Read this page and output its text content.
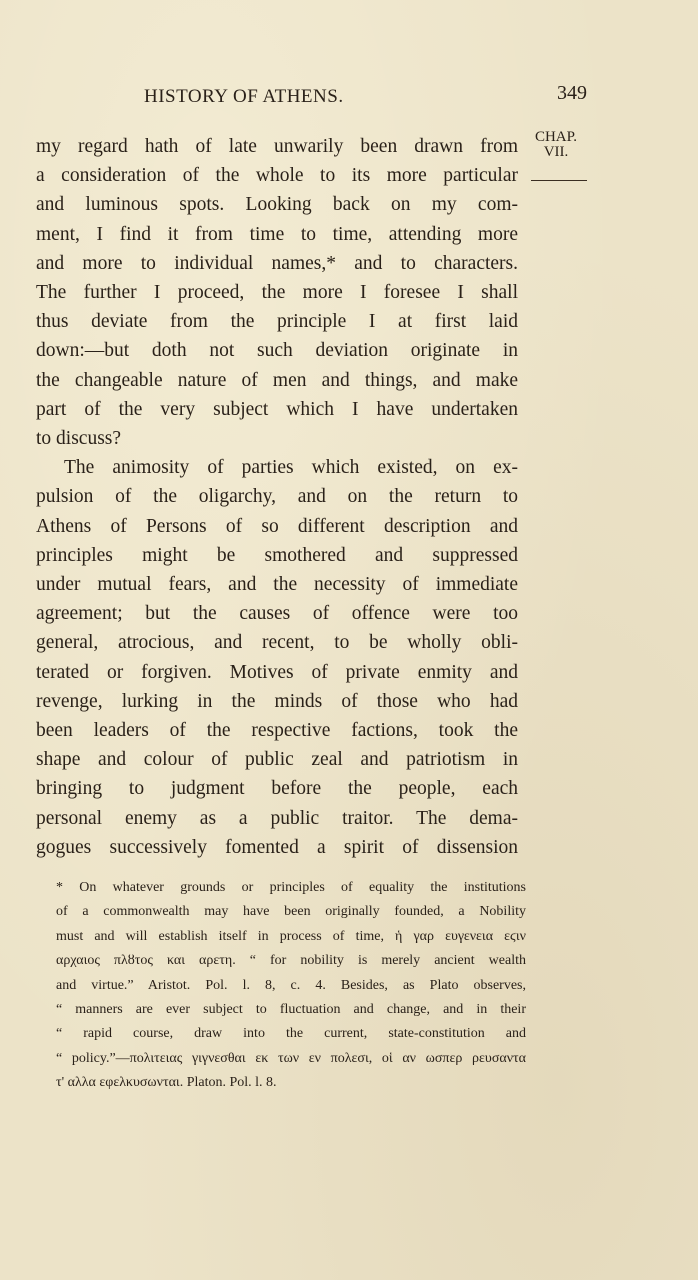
HISTORY OF ATHENS.	349
CHAP.
VII.
my regard hath of late unwarily been drawn from
a consideration of the whole to its more particular
and luminous spots. Looking back on my com-
ment, I find it from time to time, attending more
and more to individual names,* and to characters.
The further I proceed, the more I foresee I shall
thus deviate from the principle I at first laid
down:—but doth not such deviation originate in
the changeable nature of men and things, and make
part of the very subject which I have undertaken
to discuss?
The animosity of parties which existed, on ex-
pulsion of the oligarchy, and on the return to
Athens of Persons of so different description and
principles might be smothered and suppressed
under mutual fears, and the necessity of immediate
agreement; but the causes of offence were too
general, atrocious, and recent, to be wholly obli-
terated or forgiven. Motives of private enmity and
revenge, lurking in the minds of those who had
been leaders of the respective factions, took the
shape and colour of public zeal and patriotism in
bringing to judgment before the people, each
personal enemy as a public traitor. The dema-
gogues successively fomented a spirit of dissension
* On whatever grounds or principles of equality the institutions
of a commonwealth may have been originally founded, a Nobility
must and will establish itself in process of time, ἡ γαρ ευγενεια εϛιν
αρχαιος πλȣτος και αρετη. “ for nobility is merely ancient wealth
and virtue.” Aristot. Pol. l. 8, c. 4. Besides, as Plato observes,
“ manners are ever subject to fluctuation and change, and in their
“ rapid course, draw into the current, state-constitution and
“ policy.”—πολιτειας γιγνεσθαι εκ των εν πολεσι, οἱ αν ωσπερ ρευσαντα
τ' αλλα εφελκυσωνται. Platon. Pol. l. 8.
